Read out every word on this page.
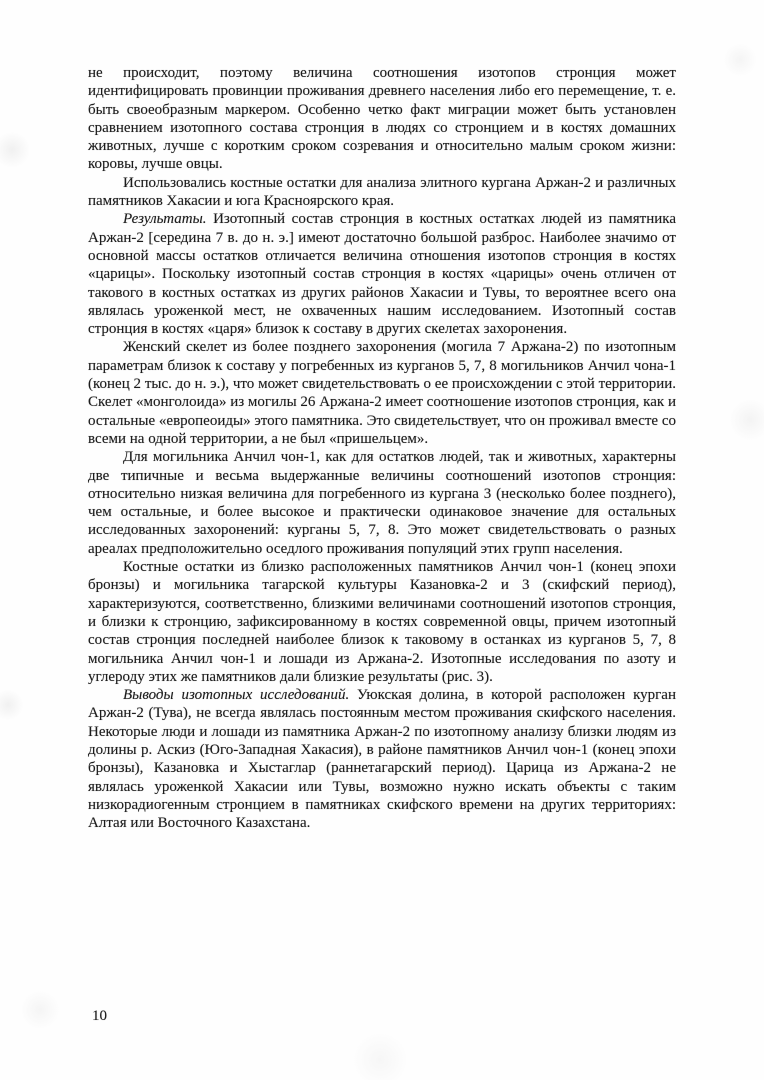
не происходит, поэтому величина соотношения изотопов стронция может идентифицировать провинции проживания древнего населения либо его перемещение, т. е. быть своеобразным маркером. Особенно четко факт миграции может быть установлен сравнением изотопного состава стронция в людях со стронцием и в костях домашних животных, лучше с коротким сроком созревания и относительно малым сроком жизни: коровы, лучше овцы.

Использовались костные остатки для анализа элитного кургана Аржан-2 и различных памятников Хакасии и юга Красноярского края.

Результаты. Изотопный состав стронция в костных остатках людей из памятника Аржан-2 [середина 7 в. до н. э.] имеют достаточно большой разброс. Наиболее значимо от основной массы остатков отличается величина отношения изотопов стронция в костях «царицы». Поскольку изотопный состав стронция в костях «царицы» очень отличен от такового в костных остатках из других районов Хакасии и Тувы, то вероятнее всего она являлась уроженкой мест, не охваченных нашим исследованием. Изотопный состав стронция в костях «царя» близок к составу в других скелетах захоронения.

Женский скелет из более позднего захоронения (могила 7 Аржана-2) по изотопным параметрам близок к составу у погребенных из курганов 5, 7, 8 могильников Анчил чона-1 (конец 2 тыс. до н. э.), что может свидетельствовать о ее происхождении с этой территории. Скелет «монголоида» из могилы 26 Аржана-2 имеет соотношение изотопов стронция, как и остальные «европеоиды» этого памятника. Это свидетельствует, что он проживал вместе со всеми на одной территории, а не был «пришельцем».

Для могильника Анчил чон-1, как для остатков людей, так и животных, характерны две типичные и весьма выдержанные величины соотношений изотопов стронция: относительно низкая величина для погребенного из кургана 3 (несколько более позднего), чем остальные, и более высокое и практически одинаковое значение для остальных исследованных захоронений: курганы 5, 7, 8. Это может свидетельствовать о разных ареалах предположительно оседлого проживания популяций этих групп населения.

Костные остатки из близко расположенных памятников Анчил чон-1 (конец эпохи бронзы) и могильника тагарской культуры Казановка-2 и 3 (скифский период), характеризуются, соответственно, близкими величинами соотношений изотопов стронция, и близки к стронцию, зафиксированному в костях современной овцы, причем изотопный состав стронция последней наиболее близок к таковому в останках из курганов 5, 7, 8 могильника Анчил чон-1 и лошади из Аржана-2. Изотопные исследования по азоту и углероду этих же памятников дали близкие результаты (рис. 3).

Выводы изотопных исследований. Уюкская долина, в которой расположен курган Аржан-2 (Тува), не всегда являлась постоянным местом проживания скифского населения. Некоторые люди и лошади из памятника Аржан-2 по изотопному анализу близки людям из долины р. Аскиз (Юго-Западная Хакасия), в районе памятников Анчил чон-1 (конец эпохи бронзы), Казановка и Хыстаглар (раннетагарский период). Царица из Аржана-2 не являлась уроженкой Хакасии или Тувы, возможно нужно искать объекты с таким низкорадиогенным стронцием в памятниках скифского времени на других территориях: Алтая или Восточного Казахстана.

10
